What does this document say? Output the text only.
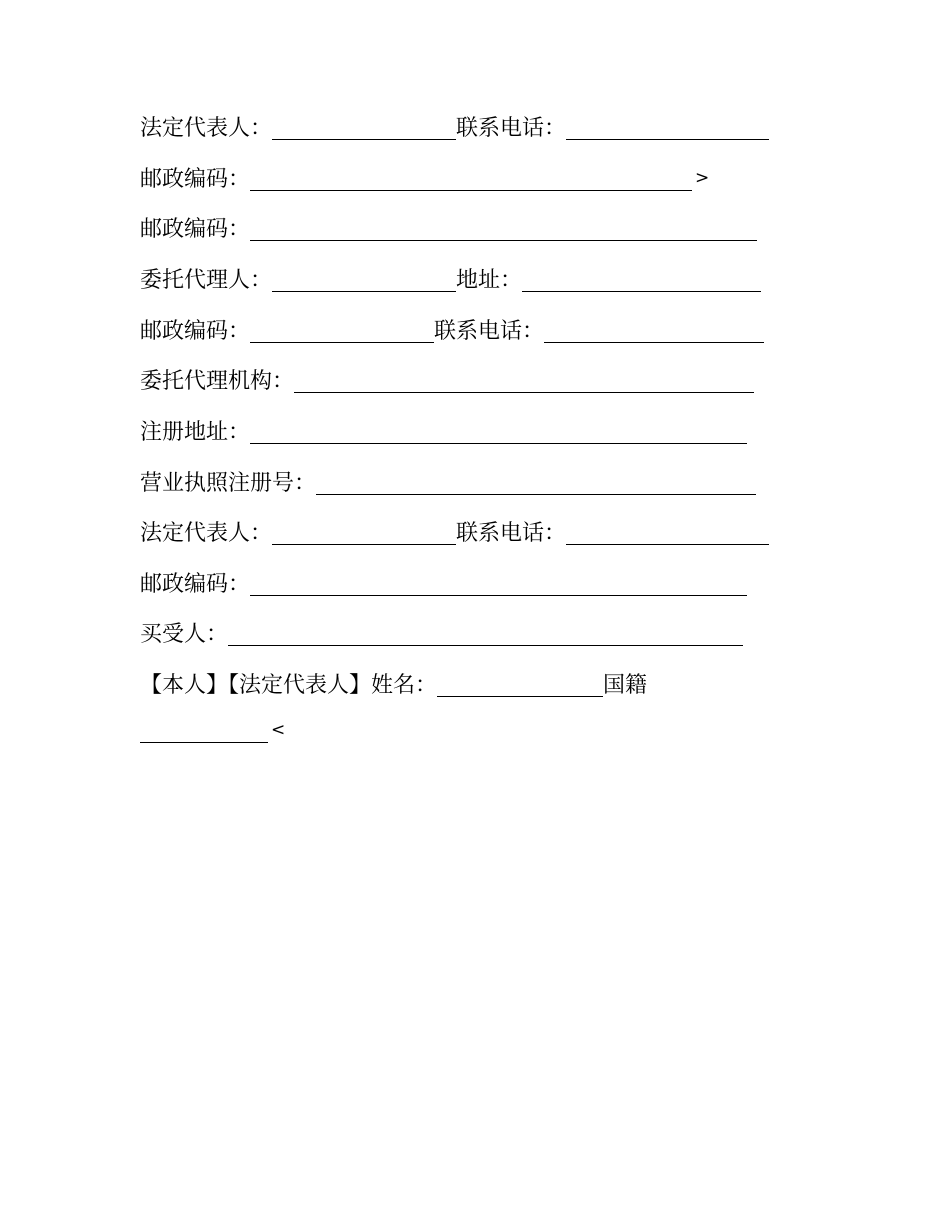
法定代表人：	联系电话：
邮政编码：	>
邮政编码：
委托代理人：	地址：
邮政编码：	联系电话：
委托代理机构：
注册地址：
营业执照注册号：
法定代表人：	联系电话：
邮政编码：
买受人：
【本人】【法定代表人】姓名：	国籍
<
